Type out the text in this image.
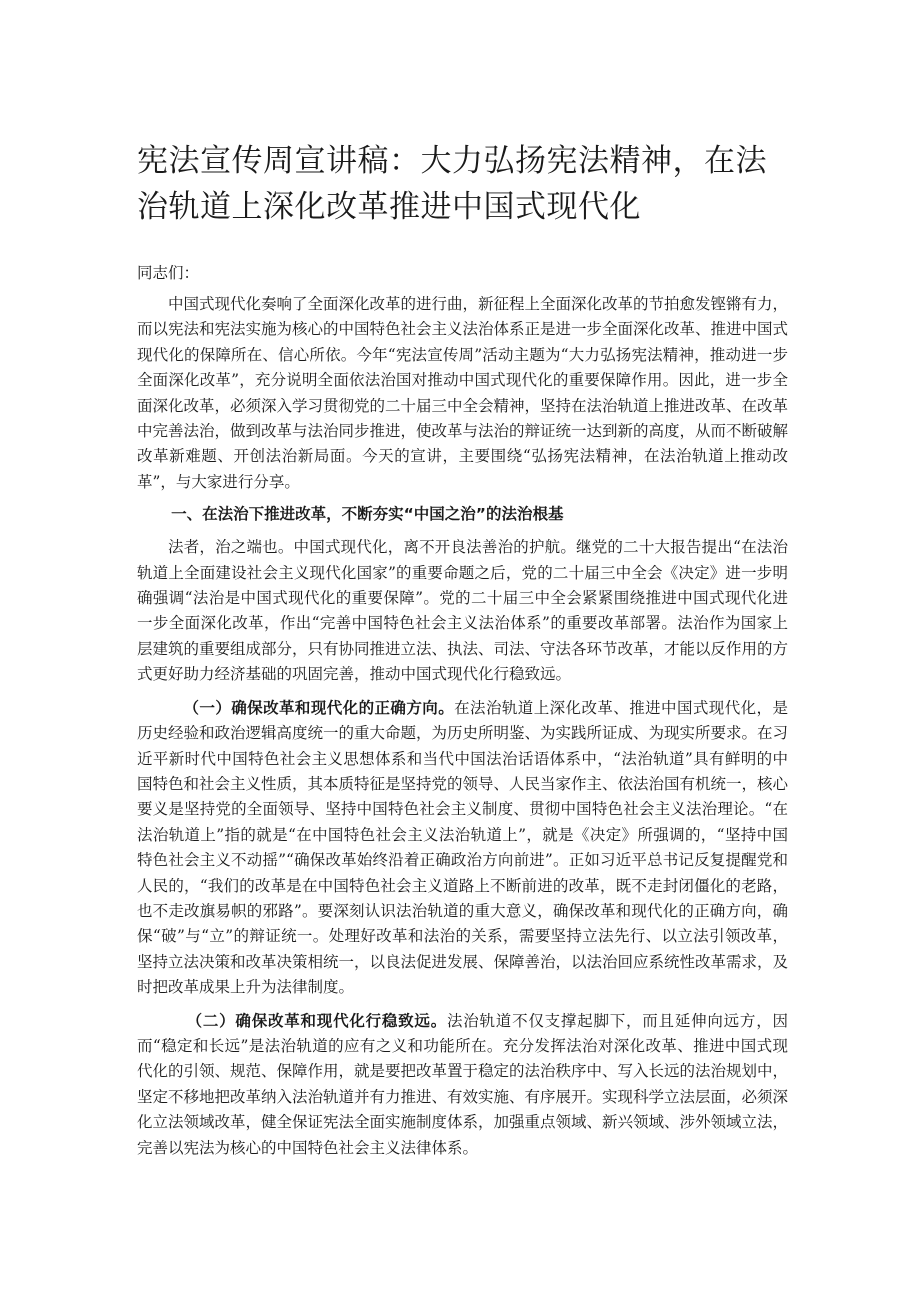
宪法宣传周宣讲稿：大力弘扬宪法精神，在法治轨道上深化改革推进中国式现代化

同志们：

中国式现代化奏响了全面深化改革的进行曲，新征程上全面深化改革的节拍愈发铿锵有力，而以宪法和宪法实施为核心的中国特色社会主义法治体系正是进一步全面深化改革、推进中国式现代化的保障所在、信心所依。今年“宪法宣传周”活动主题为“大力弘扬宪法精神，推动进一步全面深化改革”，充分说明全面依法治国对推动中国式现代化的重要保障作用。因此，进一步全面深化改革，必须深入学习贯彻党的二十届三中全会精神，坚持在法治轨道上推进改革、在改革中完善法治，做到改革与法治同步推进，使改革与法治的辩证统一达到新的高度，从而不断破解改革新难题、开创法治新局面。今天的宣讲，主要围绕“弘扬宪法精神，在法治轨道上推动改革”，与大家进行分享。

一、在法治下推进改革，不断夯实“中国之治”的法治根基

法者，治之端也。中国式现代化，离不开良法善治的护航。继党的二十大报告提出“在法治轨道上全面建设社会主义现代化国家”的重要命题之后，党的二十届三中全会《决定》进一步明确强调“法治是中国式现代化的重要保障”。党的二十届三中全会紧紧围绕推进中国式现代化进一步全面深化改革，作出“完善中国特色社会主义法治体系”的重要改革部署。法治作为国家上层建筑的重要组成部分，只有协同推进立法、执法、司法、守法各环节改革，才能以反作用的方式更好助力经济基础的巩固完善，推动中国式现代化行稳致远。

（一）确保改革和现代化的正确方向。在法治轨道上深化改革、推进中国式现代化，是历史经验和政治逻辑高度统一的重大命题，为历史所明鉴、为实践所证成、为现实所要求。在习近平新时代中国特色社会主义思想体系和当代中国法治话语体系中，“法治轨道”具有鲜明的中国特色和社会主义性质，其本质特征是坚持党的领导、人民当家作主、依法治国有机统一，核心要义是坚持党的全面领导、坚持中国特色社会主义制度、贯彻中国特色社会主义法治理论。“在法治轨道上”指的就是“在中国特色社会主义法治轨道上”，就是《决定》所强调的，“坚持中国特色社会主义不动摇”“确保改革始终沿着正确政治方向前进”。正如习近平总书记反复提醒党和人民的，“我们的改革是在中国特色社会主义道路上不断前进的改革，既不走封闭僵化的老路，也不走改旗易帜的邪路”。要深刻认识法治轨道的重大意义，确保改革和现代化的正确方向，确保“破”与“立”的辩证统一。处理好改革和法治的关系，需要坚持立法先行、以立法引领改革，坚持立法决策和改革决策相统一，以良法促进发展、保障善治，以法治回应系统性改革需求，及时把改革成果上升为法律制度。

（二）确保改革和现代化行稳致远。法治轨道不仅支撑起脚下，而且延伸向远方，因而“稳定和长远”是法治轨道的应有之义和功能所在。充分发挥法治对深化改革、推进中国式现代化的引领、规范、保障作用，就是要把改革置于稳定的法治秩序中、写入长远的法治规划中，坚定不移地把改革纳入法治轨道并有力推进、有效实施、有序展开。实现科学立法层面，必须深化立法领域改革，健全保证宪法全面实施制度体系，加强重点领域、新兴领域、涉外领域立法，完善以宪法为核心的中国特色社会主义法律体系。
